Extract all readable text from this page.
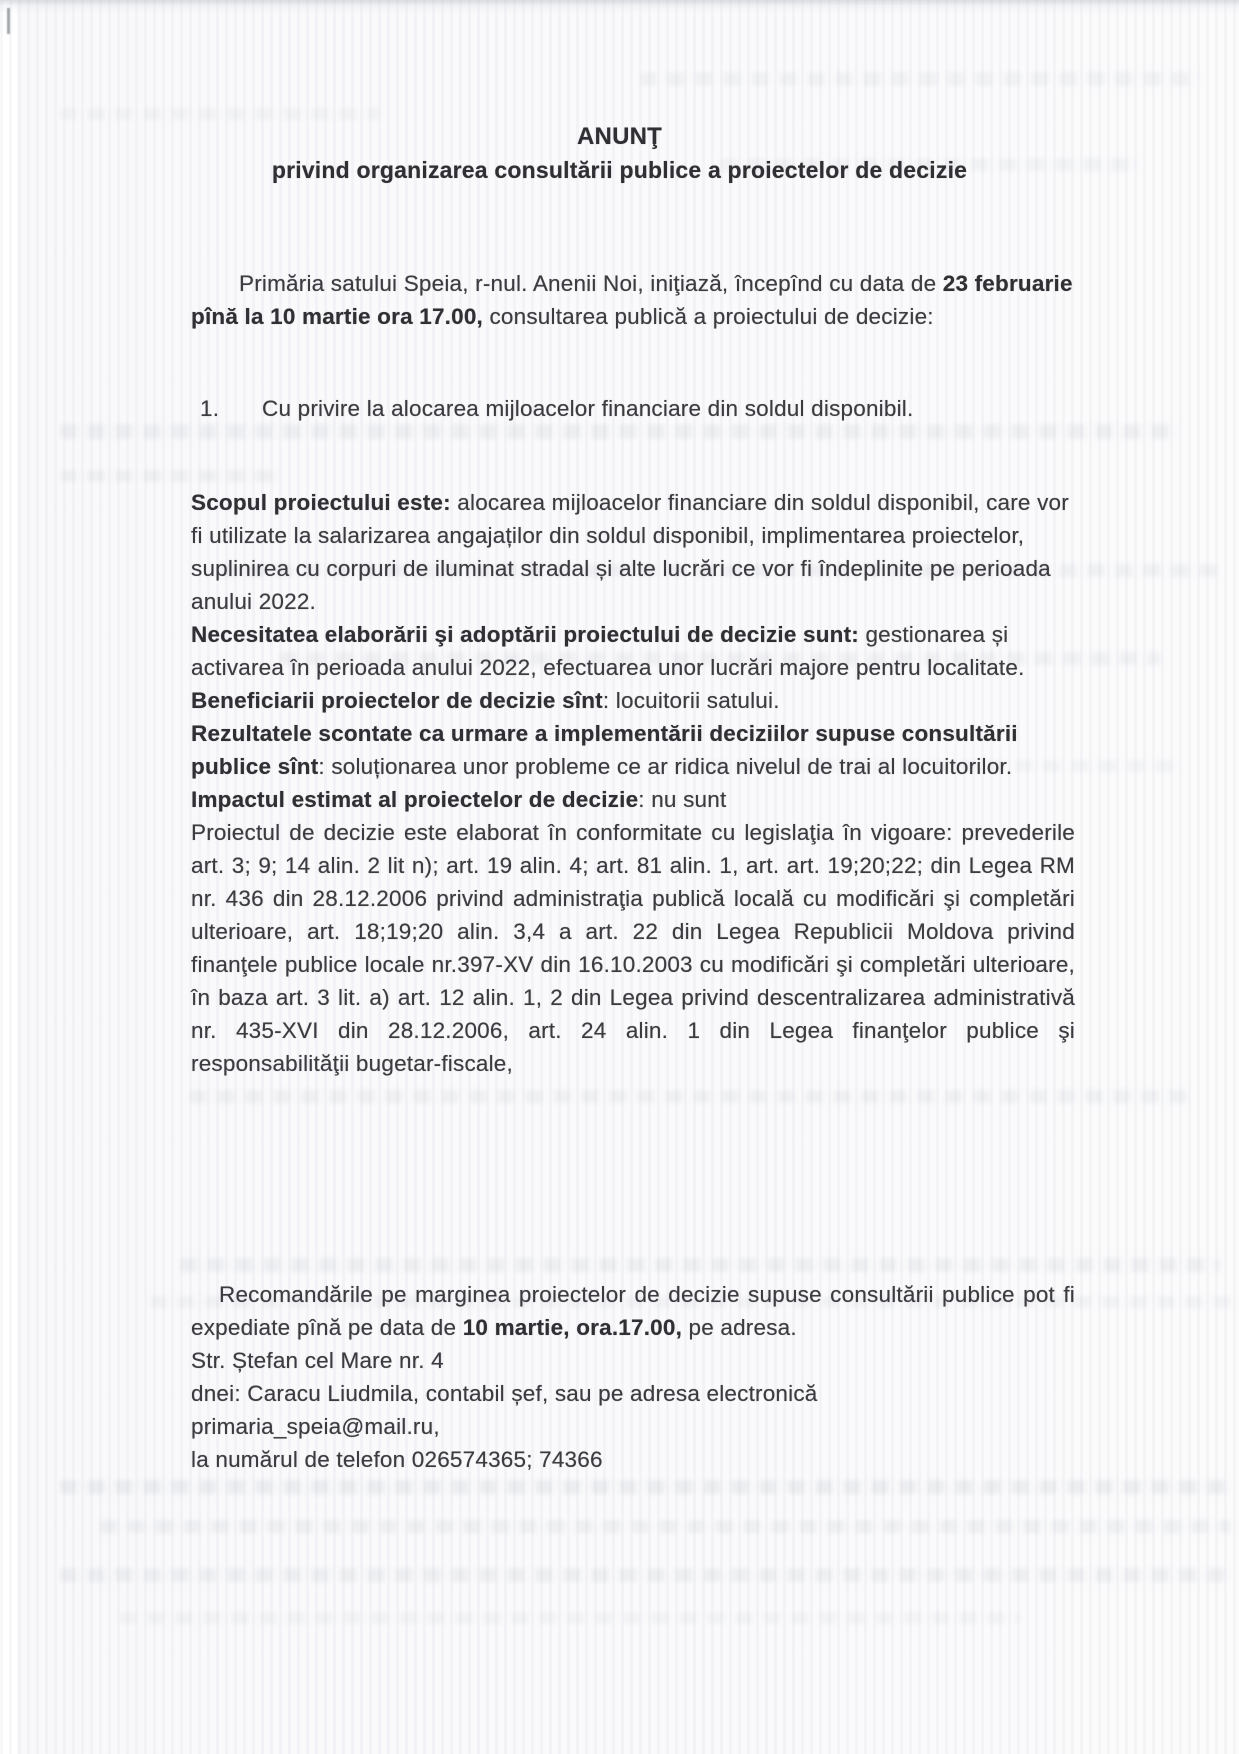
ANUNŢ
privind organizarea consultării publice a proiectelor de decizie

Primăria satului Speia, r-nul. Anenii Noi, iniţiază, începînd cu data de 23 februarie pînă la 10 martie ora 17.00, consultarea publică a proiectului de decizie:

1.	Cu privire la alocarea mijloacelor financiare din soldul disponibil.

Scopul proiectului este: alocarea mijloacelor financiare din soldul disponibil, care vor fi utilizate la salarizarea angajaților din soldul disponibil, implimentarea proiectelor, suplinirea cu corpuri de iluminat stradal și alte lucrări ce vor fi îndeplinite pe perioada anului 2022.

Necesitatea elaborării şi adoptării proiectului de decizie sunt: gestionarea și activarea în perioada anului 2022, efectuarea unor lucrări majore pentru localitate.

Beneficiarii proiectelor de decizie sînt: locuitorii satului.

Rezultatele scontate ca urmare a implementării deciziilor supuse consultării publice sînt: soluționarea unor probleme ce ar ridica nivelul de trai al locuitorilor.

Impactul estimat al proiectelor de decizie: nu sunt

Proiectul de decizie este elaborat în conformitate cu legislaţia în vigoare: prevederile art. 3; 9; 14 alin. 2 lit n); art. 19 alin. 4; art. 81 alin. 1, art. art. 19;20;22; din Legea RM nr. 436 din 28.12.2006 privind administraţia publică locală cu modificări şi completări ulterioare, art. 18;19;20 alin. 3,4 a art. 22 din Legea Republicii Moldova privind finanţele publice locale nr.397-XV din 16.10.2003 cu modificări şi completări ulterioare, în baza art. 3 lit. a) art. 12 alin. 1, 2 din Legea privind descentralizarea administrativă nr. 435-XVI din 28.12.2006, art. 24 alin. 1 din Legea finanţelor publice şi responsabilităţii bugetar-fiscale,

Recomandările pe marginea proiectelor de decizie supuse consultării publice pot fi expediate pînă pe data de 10 martie, ora.17.00, pe adresa.

Str. Ștefan cel Mare nr. 4

dnei: Caracu Liudmila, contabil șef, sau pe adresa electronică

primaria_speia@mail.ru,

la numărul de telefon 026574365; 74366
